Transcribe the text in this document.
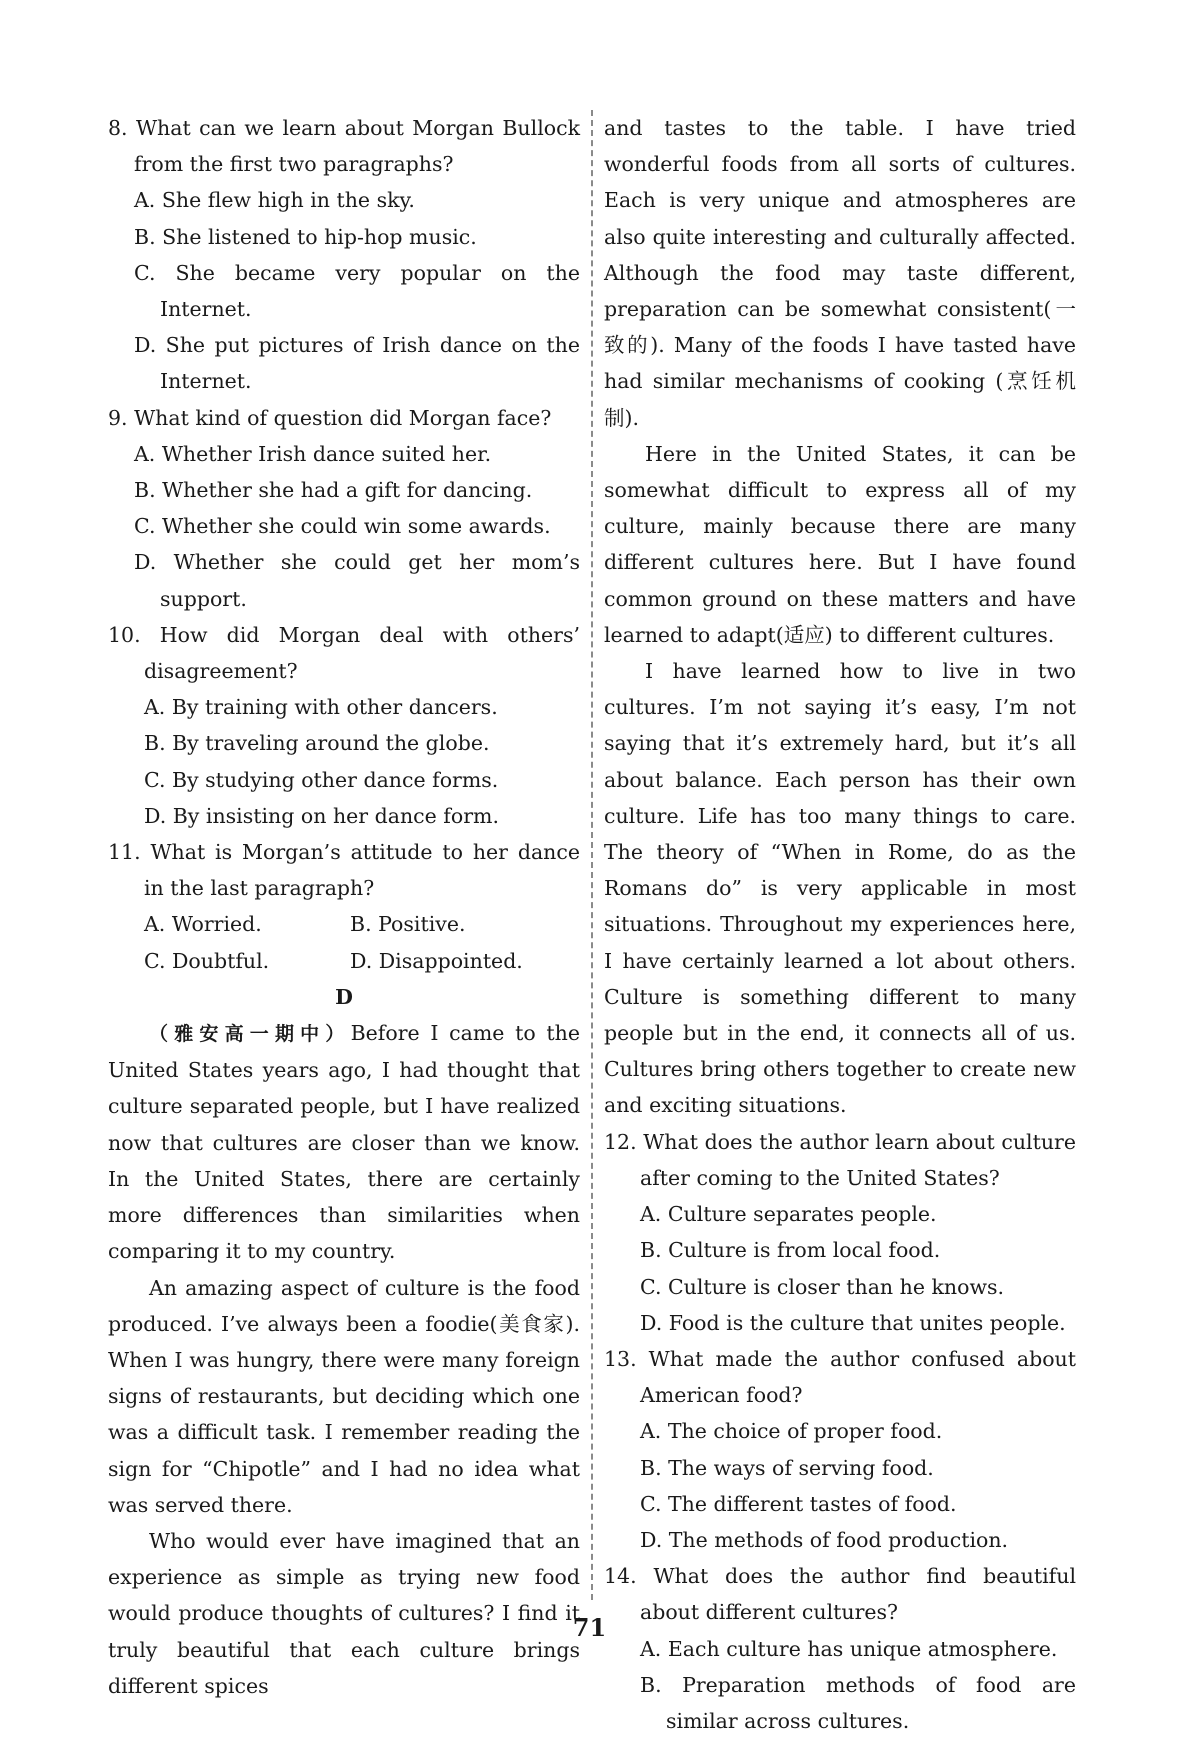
8. What can we learn about Morgan Bullock from the first two paragraphs?
A. She flew high in the sky.
B. She listened to hip-hop music.
C. She became very popular on the Internet.
D. She put pictures of Irish dance on the Internet.
9. What kind of question did Morgan face?
A. Whether Irish dance suited her.
B. Whether she had a gift for dancing.
C. Whether she could win some awards.
D. Whether she could get her mom’s support.
10. How did Morgan deal with others’ disagreement?
A. By training with other dancers.
B. By traveling around the globe.
C. By studying other dance forms.
D. By insisting on her dance form.
11. What is Morgan’s attitude to her dance in the last paragraph?
A. Worried.	B. Positive.
C. Doubtful.	D. Disappointed.

D

（雅安高一期中）Before I came to the United States years ago, I had thought that culture separated people, but I have realized now that cultures are closer than we know. In the United States, there are certainly more differences than similarities when comparing it to my country.

An amazing aspect of culture is the food produced. I’ve always been a foodie(美食家). When I was hungry, there were many foreign signs of restaurants, but deciding which one was a difficult task. I remember reading the sign for “Chipotle” and I had no idea what was served there.

Who would ever have imagined that an experience as simple as trying new food would produce thoughts of cultures? I find it truly beautiful that each culture brings different spices

and tastes to the table. I have tried wonderful foods from all sorts of cultures. Each is very unique and atmospheres are also quite interesting and culturally affected. Although the food may taste different, preparation can be somewhat consistent(一致的). Many of the foods I have tasted have had similar mechanisms of cooking (烹饪机制).

Here in the United States, it can be somewhat difficult to express all of my culture, mainly because there are many different cultures here. But I have found common ground on these matters and have learned to adapt(适应) to different cultures.

I have learned how to live in two cultures. I’m not saying it’s easy, I’m not saying that it’s extremely hard, but it’s all about balance. Each person has their own culture. Life has too many things to care. The theory of “When in Rome, do as the Romans do” is very applicable in most situations. Throughout my experiences here, I have certainly learned a lot about others. Culture is something different to many people but in the end, it connects all of us. Cultures bring others together to create new and exciting situations.

12. What does the author learn about culture after coming to the United States?
A. Culture separates people.
B. Culture is from local food.
C. Culture is closer than he knows.
D. Food is the culture that unites people.
13. What made the author confused about American food?
A. The choice of proper food.
B. The ways of serving food.
C. The different tastes of food.
D. The methods of food production.
14. What does the author find beautiful about different cultures?
A. Each culture has unique atmosphere.
B. Preparation methods of food are similar across cultures.
71
